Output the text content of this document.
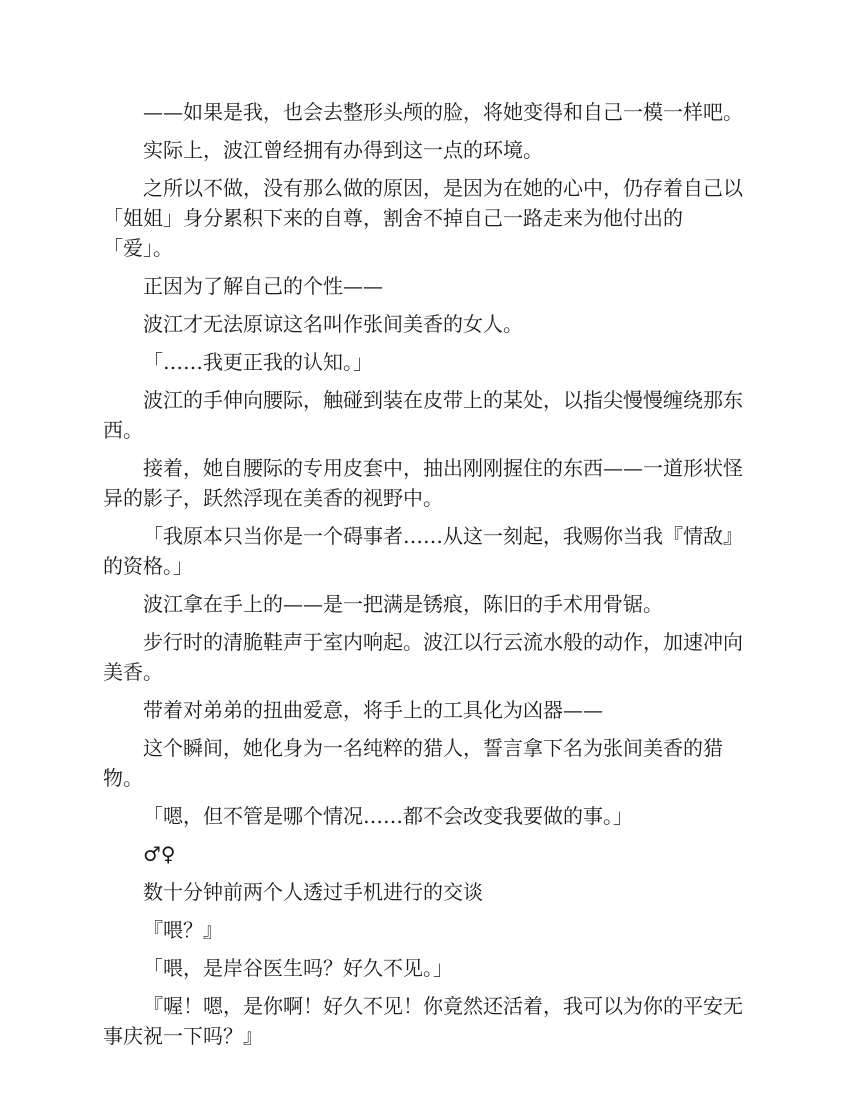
——如果是我，也会去整形头颅的脸，将她变得和自己一模一样吧。

实际上，波江曾经拥有办得到这一点的环境。

之所以不做，没有那么做的原因，是因为在她的心中，仍存着自己以「姐姐」身分累积下来的自尊，割舍不掉自己一路走来为他付出的「爱」。

正因为了解自己的个性——

波江才无法原谅这名叫作张间美香的女人。

「……我更正我的认知。」

波江的手伸向腰际，触碰到装在皮带上的某处，以指尖慢慢缠绕那东西。

接着，她自腰际的专用皮套中，抽出刚刚握住的东西——一道形状怪异的影子，跃然浮现在美香的视野中。

「我原本只当你是一个碍事者……从这一刻起，我赐你当我『情敌』的资格。」

波江拿在手上的——是一把满是锈痕，陈旧的手术用骨锯。

步行时的清脆鞋声于室内响起。波江以行云流水般的动作，加速冲向美香。

带着对弟弟的扭曲爱意，将手上的工具化为凶器——

这个瞬间，她化身为一名纯粹的猎人，誓言拿下名为张间美香的猎物。

「嗯，但不管是哪个情况……都不会改变我要做的事。」

♂♀

数十分钟前两个人透过手机进行的交谈

『喂？』

「喂，是岸谷医生吗？好久不见。」

『喔！嗯，是你啊！好久不见！你竟然还活着，我可以为你的平安无事庆祝一下吗？』
